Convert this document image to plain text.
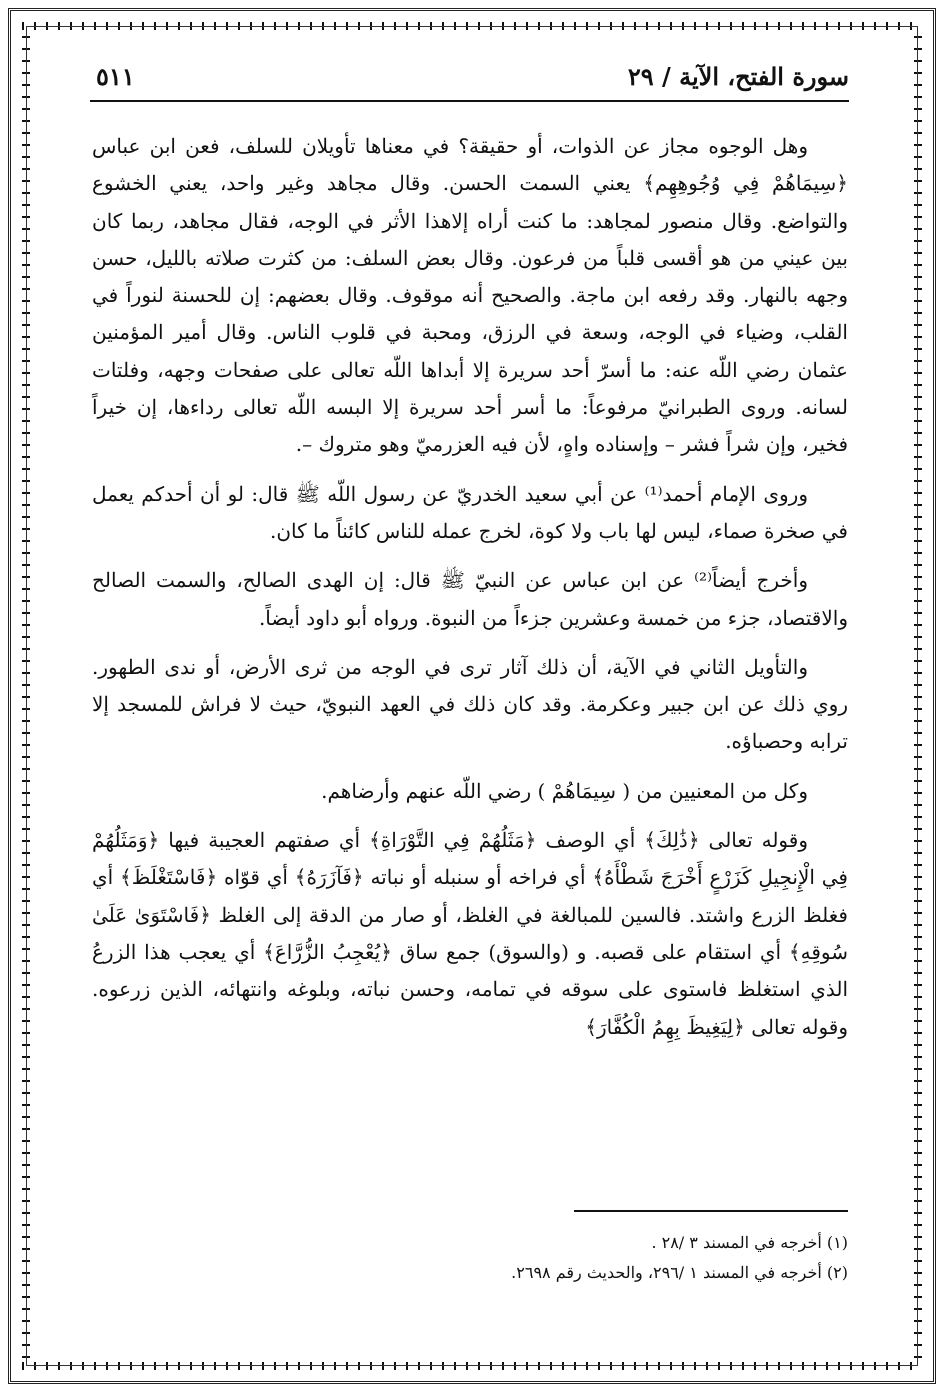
سورة الفتح، الآية / ٢٩
٥١١

وهل الوجوه مجاز عن الذوات، أو حقيقة؟ في معناها تأويلان للسلف، فعن ابن عباس ﴿سِيمَاهُمْ فِي وُجُوهِهِم﴾ يعني السمت الحسن. وقال مجاهد وغير واحد، يعني الخشوع والتواضع. وقال منصور لمجاهد: ما كنت أراه إلاهذا الأثر في الوجه، فقال مجاهد، ربما كان بين عيني من هو أقسى قلباً من فرعون. وقال بعض السلف: من كثرت صلاته بالليل، حسن وجهه بالنهار. وقد رفعه ابن ماجة. والصحيح أنه موقوف. وقال بعضهم: إن للحسنة لنوراً في القلب، وضياء في الوجه، وسعة في الرزق، ومحبة في قلوب الناس. وقال أمير المؤمنين عثمان رضي اللّه عنه: ما أسرّ أحد سريرة إلا أبداها اللّه تعالى على صفحات وجهه، وفلتات لسانه. وروى الطبرانيّ مرفوعاً: ما أسر أحد سريرة إلا البسه اللّه تعالى رداءها، إن خيراً فخير، وإن شراً فشر – وإسناده واهٍ، لأن فيه العزرميّ وهو متروك –.

وروى الإمام أحمد⁽¹⁾ عن أبي سعيد الخدريّ عن رسول اللّه ﷺ قال: لو أن أحدكم يعمل في صخرة صماء، ليس لها باب ولا كوة، لخرج عمله للناس كائناً ما كان.

وأخرج أيضاً⁽²⁾ عن ابن عباس عن النبيّ ﷺ قال: إن الهدى الصالح، والسمت الصالح والاقتصاد، جزء من خمسة وعشرين جزءاً من النبوة. ورواه أبو داود أيضاً.

والتأويل الثاني في الآية، أن ذلك آثار ترى في الوجه من ثرى الأرض، أو ندى الطهور. روي ذلك عن ابن جبير وعكرمة. وقد كان ذلك في العهد النبويّ، حيث لا فراش للمسجد إلا ترابه وحصباؤه.

وكل من المعنيين من ( سِيمَاهُمْ ) رضي اللّه عنهم وأرضاهم.

وقوله تعالى ﴿ذَٰلِكَ﴾ أي الوصف ﴿مَثَلُهُمْ فِي التَّوْرَاةِ﴾ أي صفتهم العجيبة فيها ﴿وَمَثَلُهُمْ فِي الْإِنجِيلِ كَزَرْعٍ أَخْرَجَ شَطْأَهُ﴾ أي فراخه أو سنبله أو نباته ﴿فَآزَرَهُ﴾ أي قوّاه ﴿فَاسْتَغْلَظَ﴾ أي فغلظ الزرع واشتد. فالسين للمبالغة في الغلظ، أو صار من الدقة إلى الغلظ ﴿فَاسْتَوَىٰ عَلَىٰ سُوقِهِ﴾ أي استقام على قصبه. و (والسوق) جمع ساق ﴿يُعْجِبُ الزُّرَّاعَ﴾ أي يعجب هذا الزرعُ الذي استغلظ فاستوى على سوقه في تمامه، وحسن نباته، وبلوغه وانتهائه، الذين زرعوه. وقوله تعالى ﴿لِيَغِيظَ بِهِمُ الْكُفَّارَ﴾

(١) أخرجه في المسند ٣ /٢٨ .

(٢) أخرجه في المسند ١ /٢٩٦، والحديث رقم ٢٦٩٨.
